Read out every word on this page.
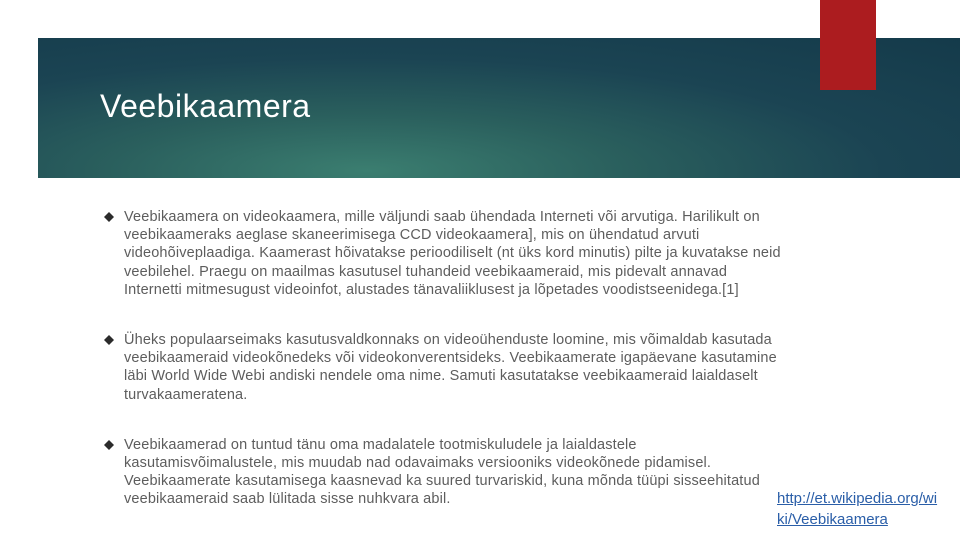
Veebikaamera
Veebikaamera on videokaamera, mille väljundi saab ühendada Interneti või arvutiga. Harilikult on veebikaameraks aeglase skaneerimisega CCD videokaamera], mis on ühendatud arvuti videohõiveplaadiga. Kaamerast hõivatakse perioodiliselt (nt üks kord minutis) pilte ja kuvatakse neid veebilehel. Praegu on maailmas kasutusel tuhandeid veebikaameraid, mis pidevalt annavad Internetti mitmesugust videoinfot, alustades tänavaliiklusest ja lõpetades voodistseenidega.[1]
Üheks populaarseimaks kasutusvaldkonnaks on videoühenduste loomine, mis võimaldab kasutada veebikaameraid videokõnedeks või videokonverentsideks. Veebikaamerate igapäevane kasutamine läbi World Wide Webi andiski nendele oma nime. Samuti kasutatakse veebikaameraid laialdaselt turvakaameratena.
Veebikaamerad on tuntud tänu oma madalatele tootmiskuludele ja laialdastele kasutamisvõimalustele, mis muudab nad odavaimaks versiooniks videokõnede pidamisel. Veebikaamerate kasutamisega kaasnevad ka suured turvariskid, kuna mõnda tüüpi sisseehitatud veebikaameraid saab lülitada sisse nuhkvara abil.	http://et.wikipedia.org/wiki/Veebikaamera
